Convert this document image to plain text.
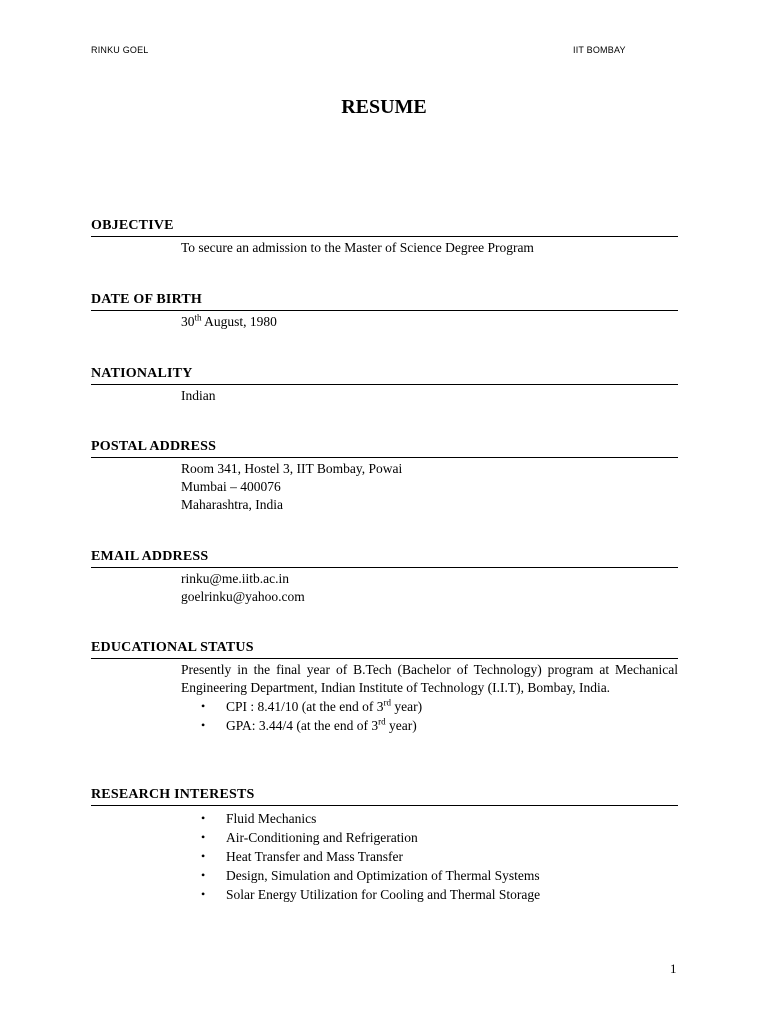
RINKU GOEL	IIT BOMBAY
RESUME
OBJECTIVE
To secure an admission to the Master of Science Degree Program
DATE OF BIRTH
30th August, 1980
NATIONALITY
Indian
POSTAL ADDRESS
Room 341, Hostel 3, IIT Bombay, Powai
Mumbai – 400076
Maharashtra, India
EMAIL ADDRESS
rinku@me.iitb.ac.in
goelrinku@yahoo.com
EDUCATIONAL STATUS
Presently in the final year of B.Tech (Bachelor of Technology) program at Mechanical Engineering Department, Indian Institute of Technology (I.I.T), Bombay, India.
• CPI : 8.41/10 (at the end of 3rd year)
• GPA: 3.44/4 (at the end of 3rd year)
RESEARCH INTERESTS
• Fluid Mechanics
• Air-Conditioning and Refrigeration
• Heat Transfer and Mass Transfer
• Design, Simulation and Optimization of Thermal Systems
• Solar Energy Utilization for Cooling and Thermal Storage
1
